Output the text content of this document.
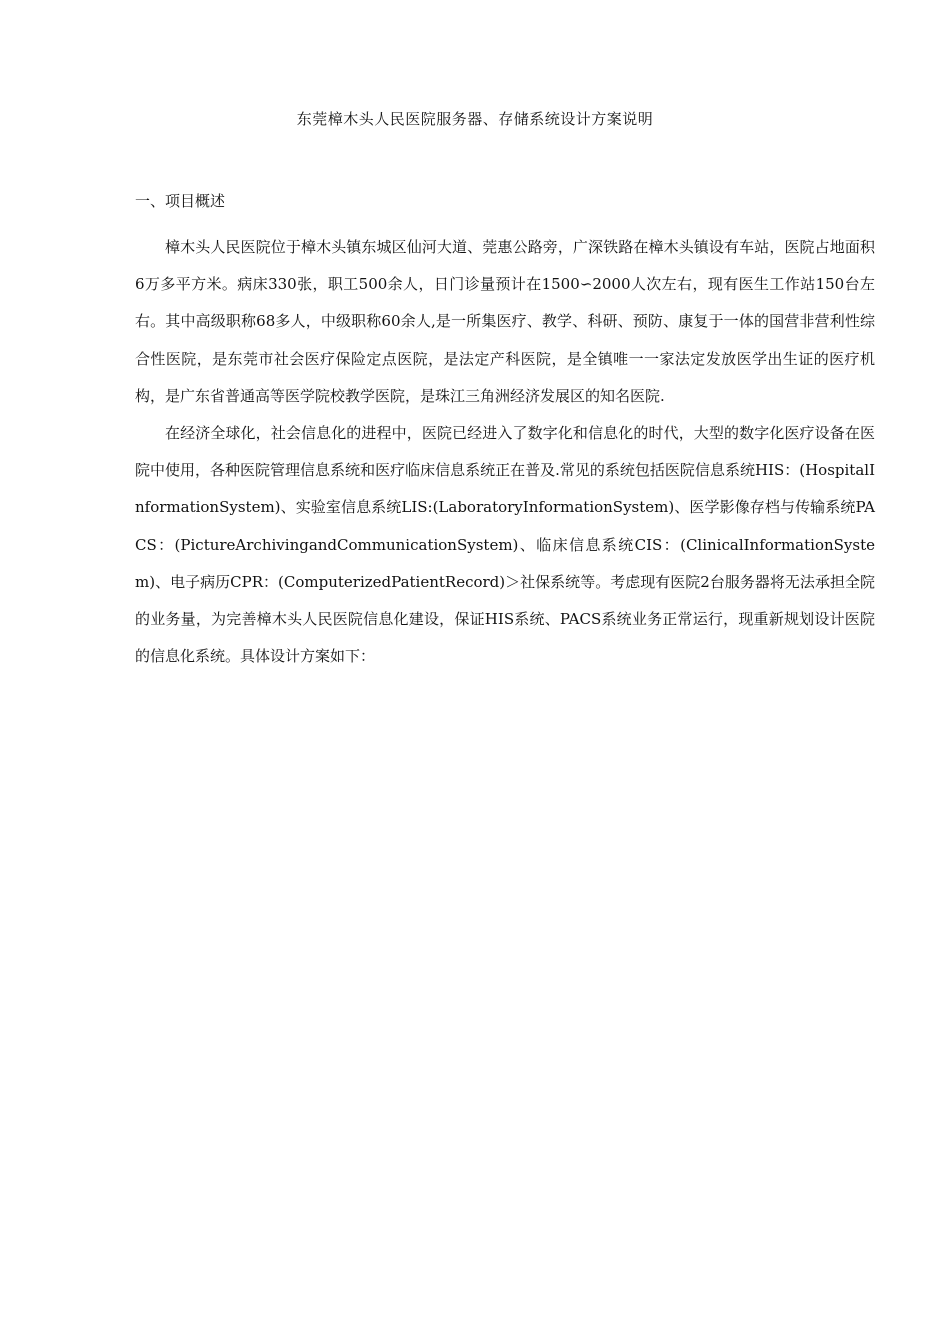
东莞樟木头人民医院服务器、存储系统设计方案说明
一、项目概述

樟木头人民医院位于樟木头镇东城区仙河大道、莞惠公路旁，广深铁路在樟木头镇设有车站，医院占地面积6万多平方米。病床330张，职工500余人，日门诊量预计在1500∽2000人次左右，现有医生工作站150台左右。其中高级职称68多人，中级职称60余人,是一所集医疗、教学、科研、预防、康复于一体的国营非营利性综合性医院，是东莞市社会医疗保险定点医院，是法定产科医院，是全镇唯一一家法定发放医学出生证的医疗机构，是广东省普通高等医学院校教学医院，是珠江三角洲经济发展区的知名医院.

在经济全球化，社会信息化的进程中，医院已经进入了数字化和信息化的时代，大型的数字化医疗设备在医院中使用，各种医院管理信息系统和医疗临床信息系统正在普及.常见的系统包括医院信息系统HIS：(HospitalInformationSystem)、实验室信息系统LIS:(LaboratoryInformationSystem)、医学影像存档与传输系统PACS：(PictureArchivingandCommunicationSystem)、临床信息系统CIS：(ClinicalInformationSystem)、电子病历CPR：(ComputerizedPatientRecord)＞社保系统等。考虑现有医院2台服务器将无法承担全院的业务量，为完善樟木头人民医院信息化建设，保证HIS系统、PACS系统业务正常运行，现重新规划设计医院的信息化系统。具体设计方案如下：
